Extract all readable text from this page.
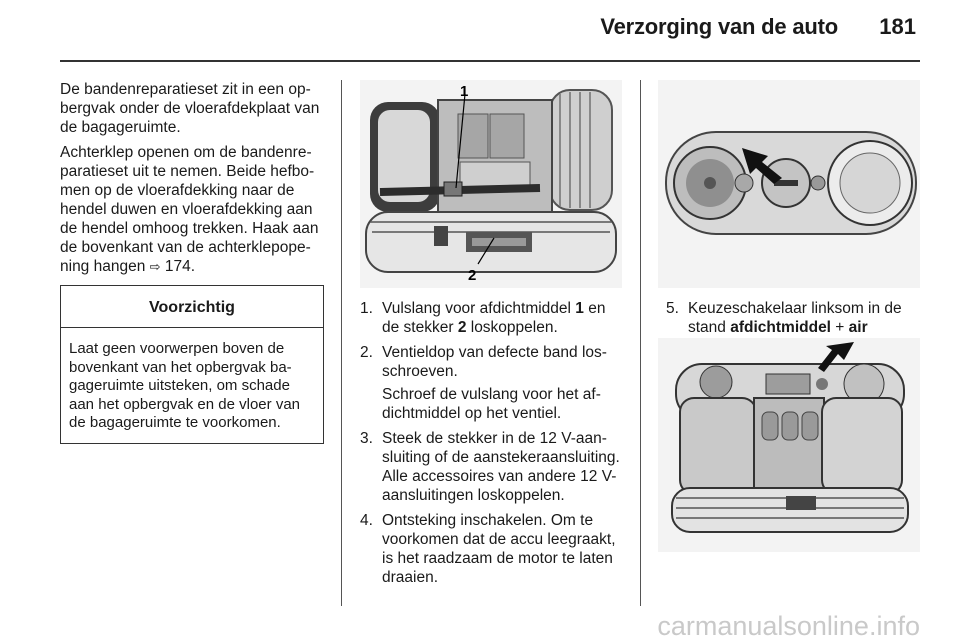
Verzorging van de auto 181

De bandenreparatieset zit in een opbergvak onder de vloerafdekplaat van de bagageruimte.

Achterklep openen om de bandenreparatieset uit te nemen. Beide hefbomen op de vloerafdekking naar de hendel duwen en vloerafdekking aan de hendel omhoog trekken. Haak aan de bovenkant van de achterklepopening hangen ⇨ 174.

Voorzichtig
Laat geen voorwerpen boven de bovenkant van het opbergvak bagageruimte uitsteken, om schade aan het opbergvak en de vloer van de bagageruimte te voorkomen.
1
2
1. Vulslang voor afdichtmiddel 1 en de stekker 2 loskoppelen.
2. Ventieldop van defecte band losschroeven.
Schroef de vulslang voor het afdichtmiddel op het ventiel.
3. Steek de stekker in de 12 V-aansluiting of de aanstekeraansluiting. Alle accessoires van andere 12 V-aansluitingen loskoppelen.
4. Ontsteking inschakelen. Om te voorkomen dat de accu leegraakt, is het raadzaam de motor te laten draaien.
5. Keuzeschakelaar linksom in de stand afdichtmiddel + air
carmanualsonline.info
